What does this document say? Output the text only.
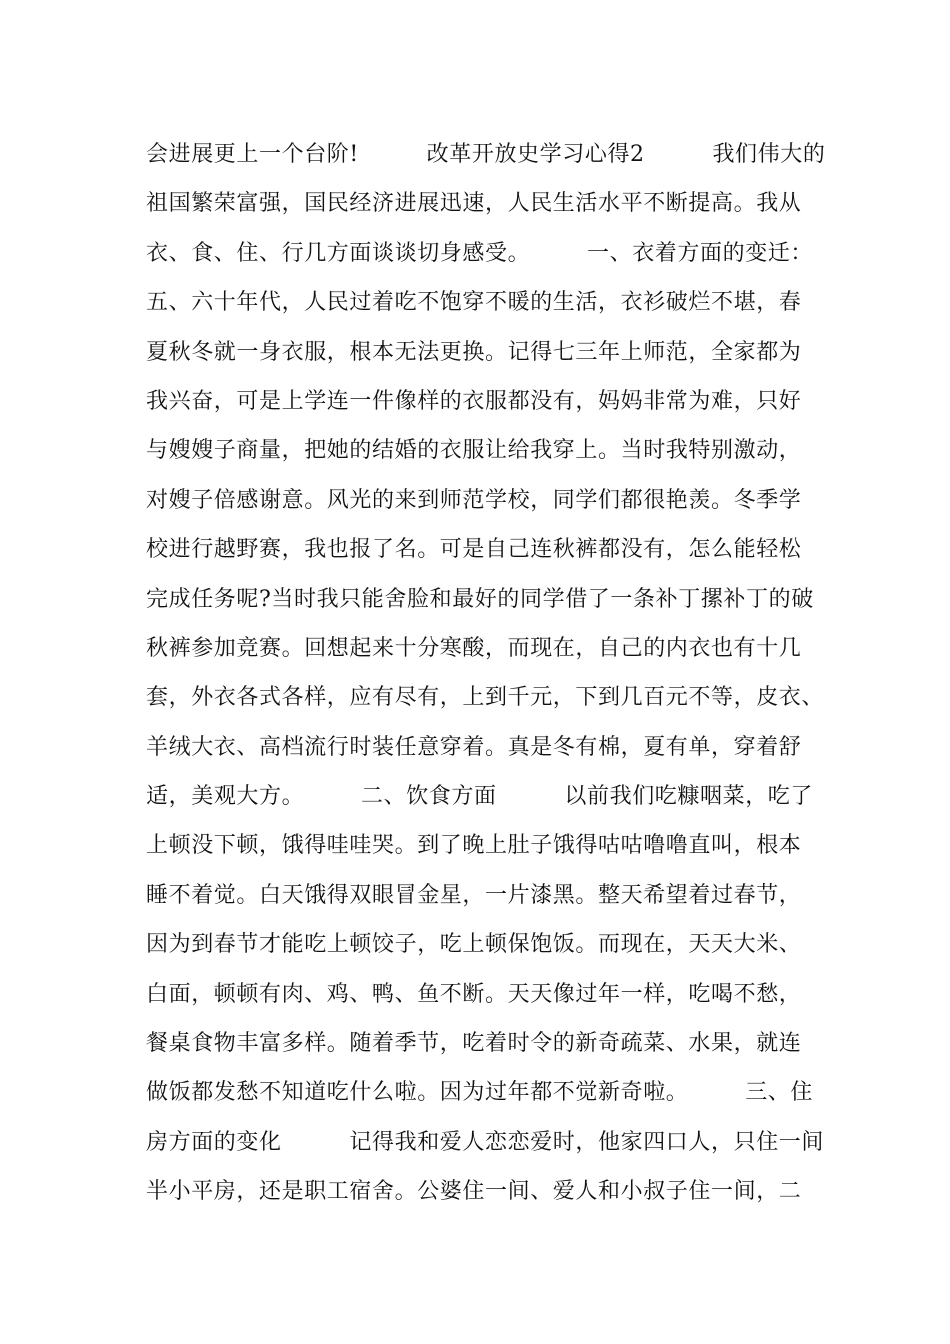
会进展更上一个台阶!　　　改革开放史学习心得2　　　我们伟大的
祖国繁荣富强，国民经济进展迅速，人民生活水平不断提高。我从
衣、食、住、行几方面谈谈切身感受。　　　一、衣着方面的变迁：
五、六十年代，人民过着吃不饱穿不暖的生活，衣衫破烂不堪，春
夏秋冬就一身衣服，根本无法更换。记得七三年上师范，全家都为
我兴奋，可是上学连一件像样的衣服都没有，妈妈非常为难，只好
与嫂嫂子商量，把她的结婚的衣服让给我穿上。当时我特别激动，
对嫂子倍感谢意。风光的来到师范学校，同学们都很艳羡。冬季学
校进行越野赛，我也报了名。可是自己连秋裤都没有，怎么能轻松
完成任务呢?当时我只能舍脸和最好的同学借了一条补丁摞补丁的破
秋裤参加竞赛。回想起来十分寒酸，而现在，自己的内衣也有十几
套，外衣各式各样，应有尽有，上到千元，下到几百元不等，皮衣、
羊绒大衣、高档流行时装任意穿着。真是冬有棉，夏有单，穿着舒
适，美观大方。　　　二、饮食方面　　　以前我们吃糠咽菜，吃了
上顿没下顿，饿得哇哇哭。到了晚上肚子饿得咕咕噜噜直叫，根本
睡不着觉。白天饿得双眼冒金星，一片漆黑。整天希望着过春节，
因为到春节才能吃上顿饺子，吃上顿保饱饭。而现在，天天大米、
白面，顿顿有肉、鸡、鸭、鱼不断。天天像过年一样，吃喝不愁，
餐桌食物丰富多样。随着季节，吃着时令的新奇疏菜、水果，就连
做饭都发愁不知道吃什么啦。因为过年都不觉新奇啦。　　　三、住
房方面的变化　　　记得我和爱人恋恋爱时，他家四口人，只住一间
半小平房，还是职工宿舍。公婆住一间、爱人和小叔子住一间，二
